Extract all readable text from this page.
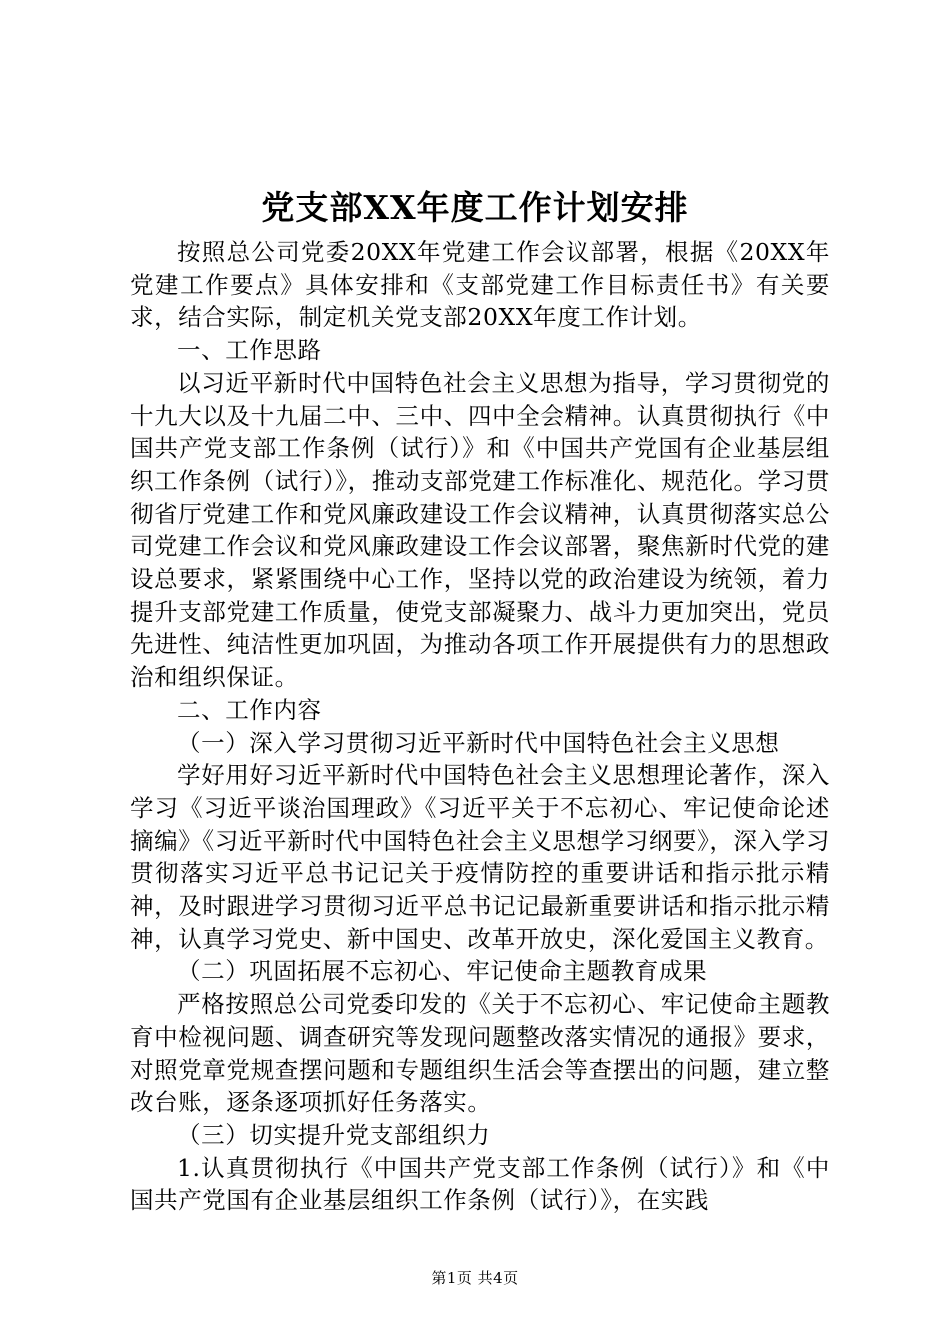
党支部XX年度工作计划安排

按照总公司党委20XX年党建工作会议部署，根据《20XX年党建工作要点》具体安排和《支部党建工作目标责任书》有关要求，结合实际，制定机关党支部20XX年度工作计划。

一、工作思路

以习近平新时代中国特色社会主义思想为指导，学习贯彻党的十九大以及十九届二中、三中、四中全会精神。认真贯彻执行《中国共产党支部工作条例（试行）》和《中国共产党国有企业基层组织工作条例（试行）》，推动支部党建工作标准化、规范化。学习贯彻省厅党建工作和党风廉政建设工作会议精神，认真贯彻落实总公司党建工作会议和党风廉政建设工作会议部署，聚焦新时代党的建设总要求，紧紧围绕中心工作，坚持以党的政治建设为统领，着力提升支部党建工作质量，使党支部凝聚力、战斗力更加突出，党员先进性、纯洁性更加巩固，为推动各项工作开展提供有力的思想政治和组织保证。

二、工作内容

（一）深入学习贯彻习近平新时代中国特色社会主义思想

学好用好习近平新时代中国特色社会主义思想理论著作，深入学习《习近平谈治国理政》《习近平关于不忘初心、牢记使命论述摘编》《习近平新时代中国特色社会主义思想学习纲要》，深入学习贯彻落实习近平总书记记关于疫情防控的重要讲话和指示批示精神，及时跟进学习贯彻习近平总书记记最新重要讲话和指示批示精神，认真学习党史、新中国史、改革开放史，深化爱国主义教育。

（二）巩固拓展不忘初心、牢记使命主题教育成果

严格按照总公司党委印发的《关于不忘初心、牢记使命主题教育中检视问题、调查研究等发现问题整改落实情况的通报》要求，对照党章党规查摆问题和专题组织生活会等查摆出的问题，建立整改台账，逐条逐项抓好任务落实。

（三）切实提升党支部组织力

1.认真贯彻执行《中国共产党支部工作条例（试行）》和《中国共产党国有企业基层组织工作条例（试行）》，在实践

第1页 共4页
